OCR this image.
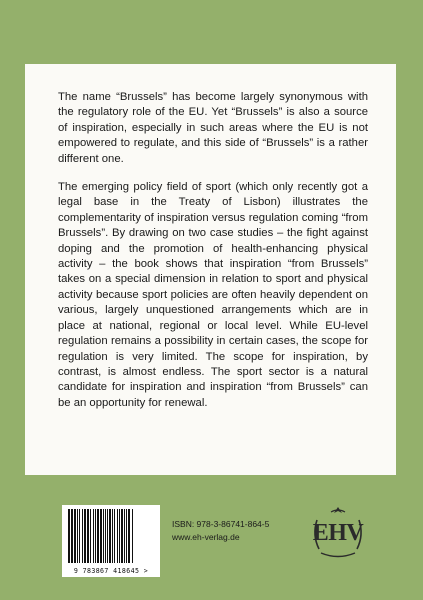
The name “Brussels” has become largely synonymous with the regulatory role of the EU. Yet “Brussels” is also a source of inspiration, especially in such areas where the EU is not empowered to regulate, and this side of “Brussels” is a rather different one.

The emerging policy field of sport (which only recently got a legal base in the Treaty of Lisbon) illustrates the complementarity of inspiration versus regulation coming “from Brussels”. By drawing on two case studies – the fight against doping and the promotion of health-enhancing physical activity – the book shows that inspiration “from Brussels” takes on a special dimension in relation to sport and physical activity because sport policies are often heavily dependent on various, largely unquestioned arrangements which are in place at national, regional or local level. While EU-level regulation remains a possibility in certain cases, the scope for regulation is very limited. The scope for inspiration, by contrast, is almost endless. The sport sector is a natural candidate for inspiration and inspiration “from Brussels” can be an opportunity for renewal.

9 783867 418645 >
ISBN: 978-3-86741-864-5
www.eh-verlag.de	EHV
